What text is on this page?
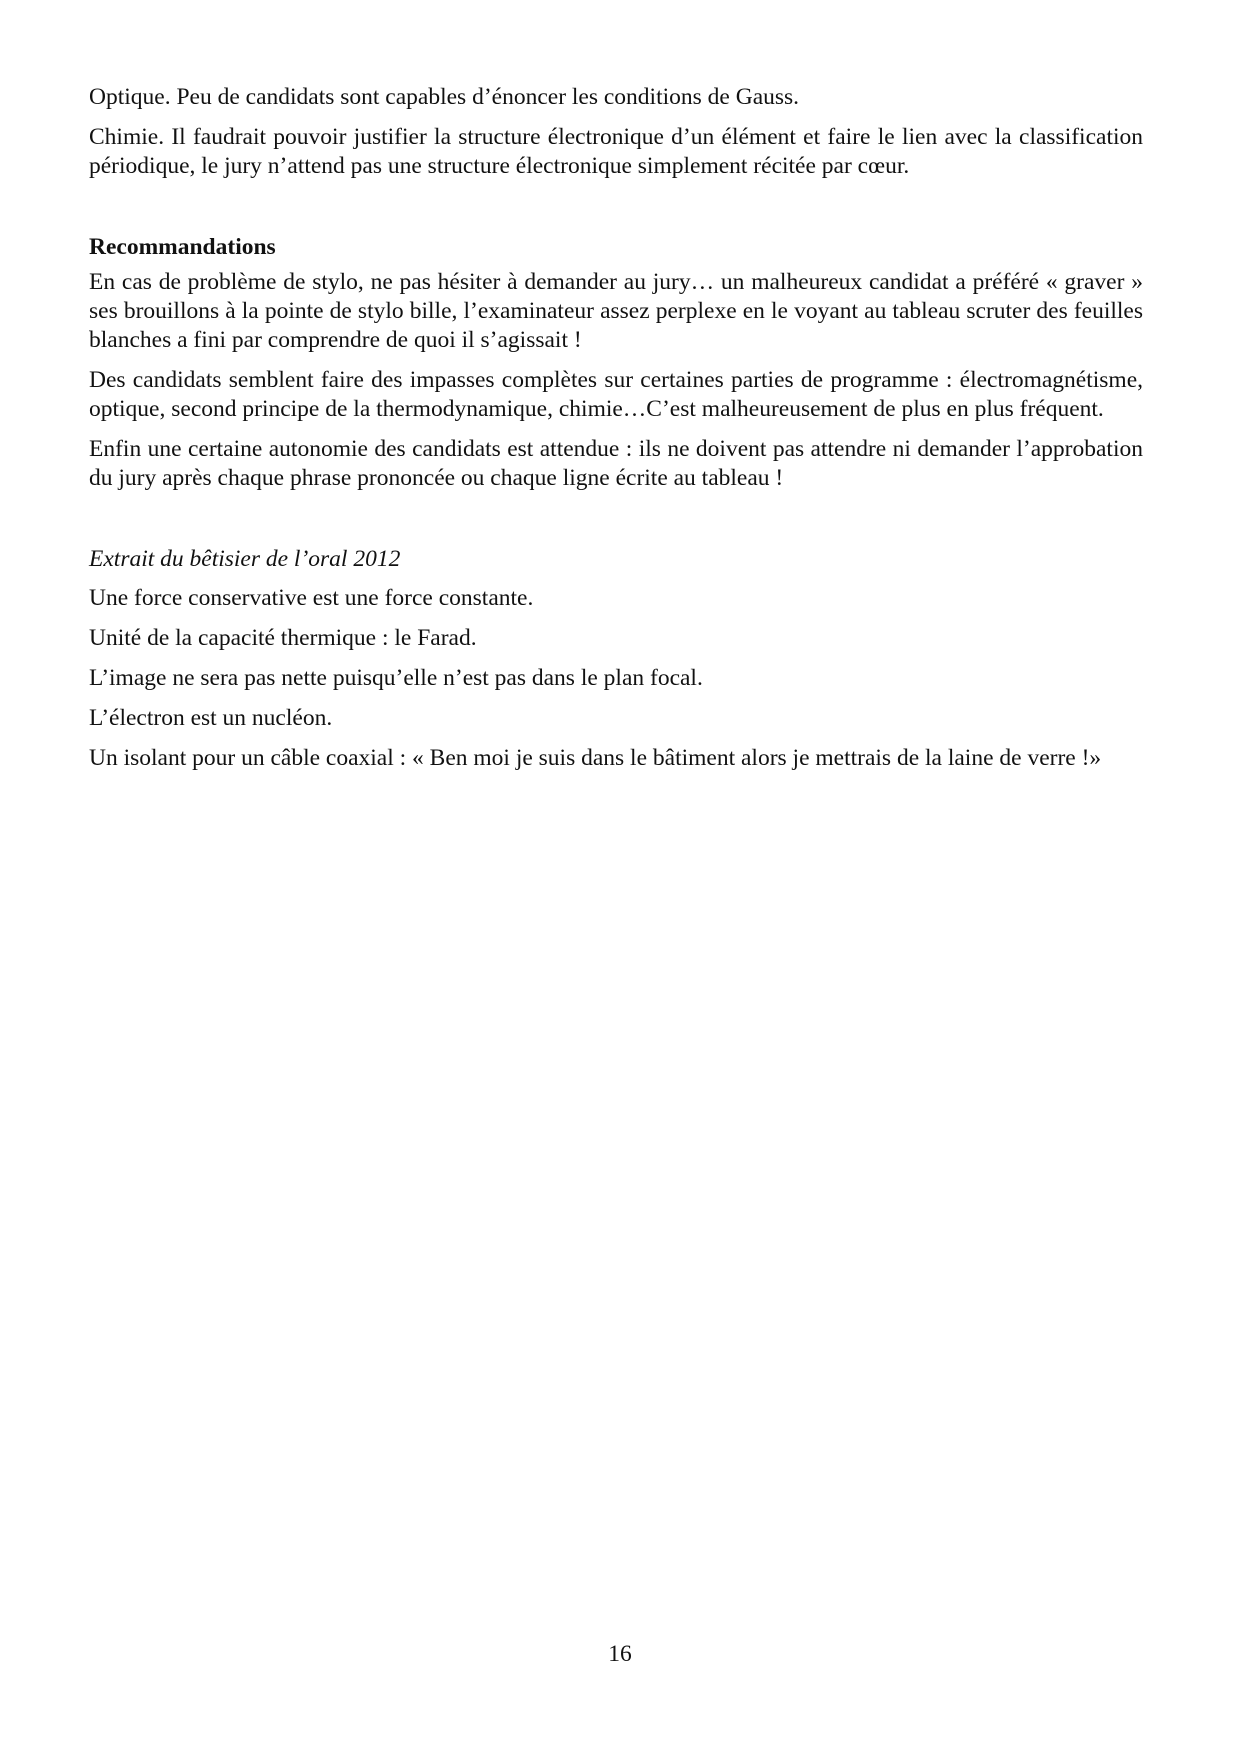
Optique. Peu de candidats sont capables d’énoncer les conditions de Gauss.

Chimie. Il faudrait pouvoir justifier la structure électronique d’un élément et faire le lien avec la classification périodique, le jury n’attend pas une structure électronique simplement récitée par cœur.

Recommandations

En cas de problème de stylo, ne pas hésiter à demander au jury… un malheureux candidat a préféré « graver » ses brouillons à la pointe de stylo bille, l’examinateur assez perplexe en le voyant au tableau scruter des feuilles blanches a fini par comprendre de quoi il s’agissait !

Des candidats semblent faire des impasses complètes sur certaines parties de programme : électromagnétisme, optique, second principe de la thermodynamique, chimie…C’est malheureusement de plus en plus fréquent.

Enfin une certaine autonomie des candidats est attendue : ils ne doivent pas attendre ni demander l’approbation du jury après chaque phrase prononcée ou chaque ligne écrite au tableau !

Extrait du bêtisier de l’oral 2012

Une force conservative est une force constante.

Unité de la capacité thermique : le Farad.

L’image ne sera pas nette puisqu’elle n’est pas dans le plan focal.

L’électron est un nucléon.

Un isolant pour un câble coaxial : « Ben moi je suis dans le bâtiment alors je mettrais de la laine de verre !»

16
